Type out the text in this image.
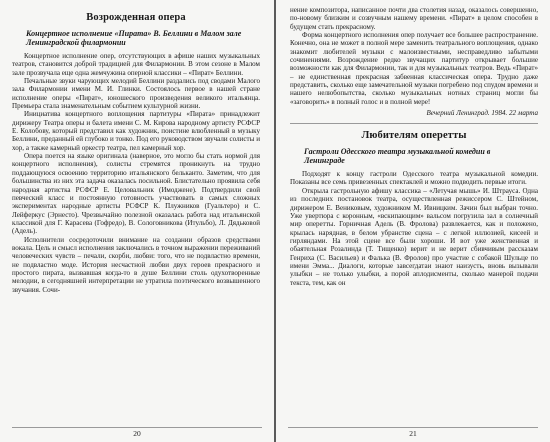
Возрожденная опера
Концертное исполнение «Пирата» В. Беллини в Малом зале Ленинградской филармонии

Концертное исполнение опер, отсутствующих в афише наших музыкальных театров, становится доброй традицией для Филармонии. В этом сезоне в Малом зале прозвучала еще одна жемчужина оперной классики – «Пират» Беллини.

Печальные звуки чарующих мелодий Беллини раздались под сводами Малого зала Филармонии имени М. И. Глинки. Состоялось первое в нашей стране исполнение оперы «Пират», юношеского произведения великого итальянца. Премьера стала знаменательным событием культурной жизни.

Инициатива концертного воплощения партитуры «Пирата» принадлежит дирижеру Театра оперы и балета имени С. М. Кирова народному артисту РСФСР Е. Колобову, который представил как художник, поистине влюбленный в музыку Беллини, преданный ей глубоко и тонко. Под его руководством звучали солисты и хор, а также камерный оркестр театра, пел камерный хор.

Опера поется на языке оригинала (наверное, это могло бы стать нормой для концертного исполнения), солисты стремятся проникнуть на трудно поддающуюся освоению территорию итальянского бельканто. Заметим, что для большинства из них эта задача оказалась посильной. Блистательно проявила себя народная артистка РСФСР Е. Целовальник (Имоджене). Подтвердили свой певческий класс и постоянную готовность участвовать в самых сложных экспериментах народные артисты РСФСР К. Плужников (Гуальтеро) и С. Лейферкус (Эрнесто). Чрезвычайно полезной оказалась работа над итальянской классикой для Г. Карасева (Гофредо), В. Сологовникова (Итульбо), Л. Дядьковой (Адель).

Исполнители сосредоточили внимание на создании образов средствами вокала. Цель и смысл исполнения заключались в точном выражении переживаний человеческих чувств – печали, скорби, любви: того, что не подвластно времени, не подвластно моде. История несчастной любви двух героев прекрасного и простого пирата, вызвавшая когда-то в душе Беллини столь одухотворенные мелодии, в сегодняшней интерпретации не утратила поэтического возвышенного звучания. Сочи-

20

нение композитора, написанное почти два столетия назад, оказалось совершенно, по-новому близким и созвучным нашему времени. «Пират» в целом способен в будущем стать прекрасному.

Форма концертного исполнения опер получает все большее распространение. Конечно, она не может в полной мере заменить театрального воплощения, однако знакомит любителей музыки с малоизвестными, несправедливо забытыми сочинениями. Возрождение редко звучащих партитур открывает большие возможности как для Филармонии, так и для музыкальных театров. Ведь «Пират» – не единственная прекрасная забвенная классическая опера. Трудно даже представить, сколько еще замечательной музыки погребено под спудом времени и нашего нелюбопытства, сколько музыкальных нотных страниц могли бы «заговорить» в полный голос и в полной мере!

Вечерний Ленинград. 1984. 22 марта
Любителям оперетты
Гастроли Одесского театра музыкальной комедии в Ленинграде

Подходят к концу гастроли Одесского театра музыкальной комедии. Показаны все семь привезенных спектаклей и можно подводить первые итоги.

Открыла гастрольную афишу классика – «Летучая мышь» И. Штрауса. Одна из последних постановок театра, осуществленная режиссером С. Штейном, дирижером Е. Вениковым, художником М. Ивницким. Зачин был выбран точно. Уже увертюра с коронным, «вскипающим» вальсом погрузила зал в солнечный мир оперетты. Горничная Адель (В. Фролова) развлекается, как и положено, крылась нарядная, в белом убранстве сцена – с легкой иллюзией, кисеей и гирляндами. На этой сцене все были хороши. И вот уже женственная и обаятельная Розалинда (Т. Тищенко) верит и не верит сбивчивым рассказам Генриха (С. Васильев) и Фалька (В. Фролов) про участие с собакой Шульце по имени Эмма... Диалоги, которые завсегдатаи знают наизусть, вновь вызывали улыбки – не только улыбки, а порой аплодисменты, сколько манерой подачи текста, тем, как он

21
